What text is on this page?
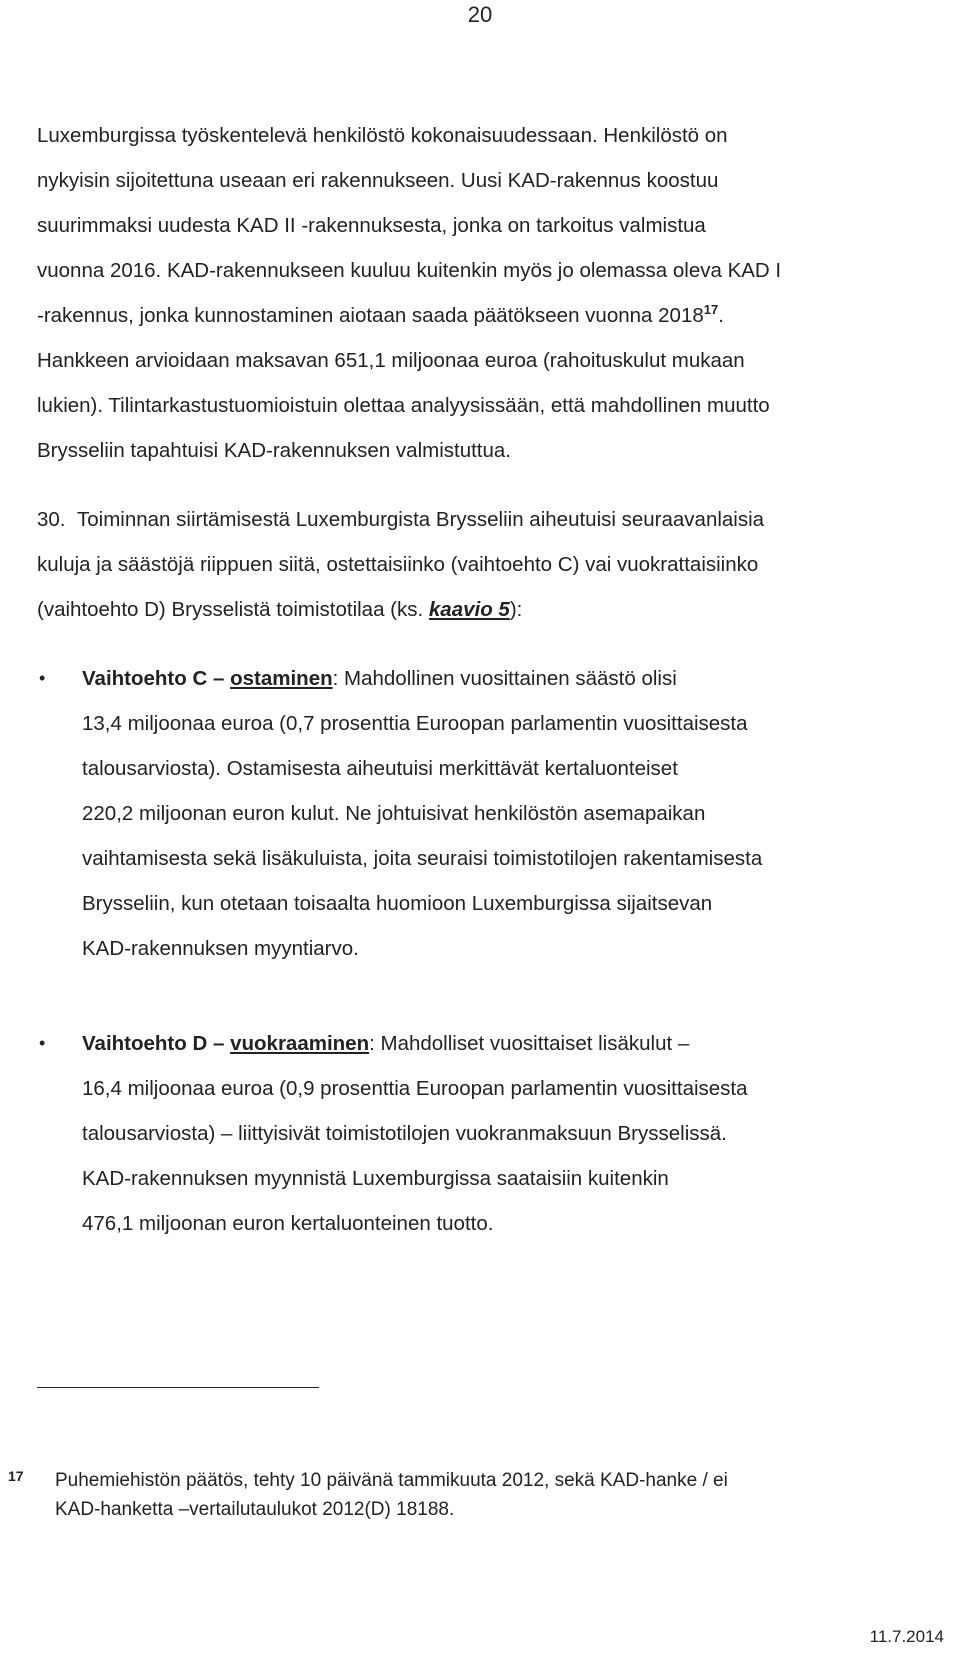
20

Luxemburgissa työskentelevä henkilöstö kokonaisuudessaan. Henkilöstö on
nykyisin sijoitettuna useaan eri rakennukseen. Uusi KAD-rakennus koostuu
suurimmaksi uudesta KAD II -rakennuksesta, jonka on tarkoitus valmistua
vuonna 2016. KAD-rakennukseen kuuluu kuitenkin myös jo olemassa oleva KAD I
-rakennus, jonka kunnostaminen aiotaan saada päätökseen vuonna 2018$^{17}$.
Hankkeen arvioidaan maksavan 651,1 miljoonaa euroa (rahoituskulut mukaan
lukien). Tilintarkastustuomioistuin olettaa analyysissään, että mahdollinen muutto
Brysseliin tapahtuisi KAD-rakennuksen valmistuttua.

30. Toiminnan siirtämisestä Luxemburgista Brysseliin aiheutuisi seuraavanlaisia
kuluja ja säästöjä riippuen siitä, ostettaisiinko (vaihtoehto C) vai vuokrattaisiinko
(vaihtoehto D) Brysselistä toimistotilaa (ks. kaavio 5):

• Vaihtoehto C – ostaminen: Mahdollinen vuosittainen säästö olisi
13,4 miljoonaa euroa (0,7 prosenttia Euroopan parlamentin vuosittaisesta
talousarviosta). Ostamisesta aiheutuisi merkittävät kertaluonteiset
220,2 miljoonan euron kulut. Ne johtuisivat henkilöstön asemapaikan
vaihtamisesta sekä lisäkuluista, joita seuraisi toimistotilojen rakentamisesta
Brysseliin, kun otetaan toisaalta huomioon Luxemburgissa sijaitsevan
KAD-rakennuksen myyntiarvo.
• Vaihtoehto D – vuokraaminen: Mahdolliset vuosittaiset lisäkulut –
16,4 miljoonaa euroa (0,9 prosenttia Euroopan parlamentin vuosittaisesta
talousarviosta) – liittyisivät toimistotilojen vuokranmaksuun Brysselissä.
KAD-rakennuksen myynnistä Luxemburgissa saataisiin kuitenkin
476,1 miljoonan euron kertaluonteinen tuotto.
17 Puhemiehistön päätös, tehty 10 päivänä tammikuuta 2012, sekä KAD-hanke / ei
KAD-hanketta –vertailutaulukot 2012(D) 18188.
11.7.2014
